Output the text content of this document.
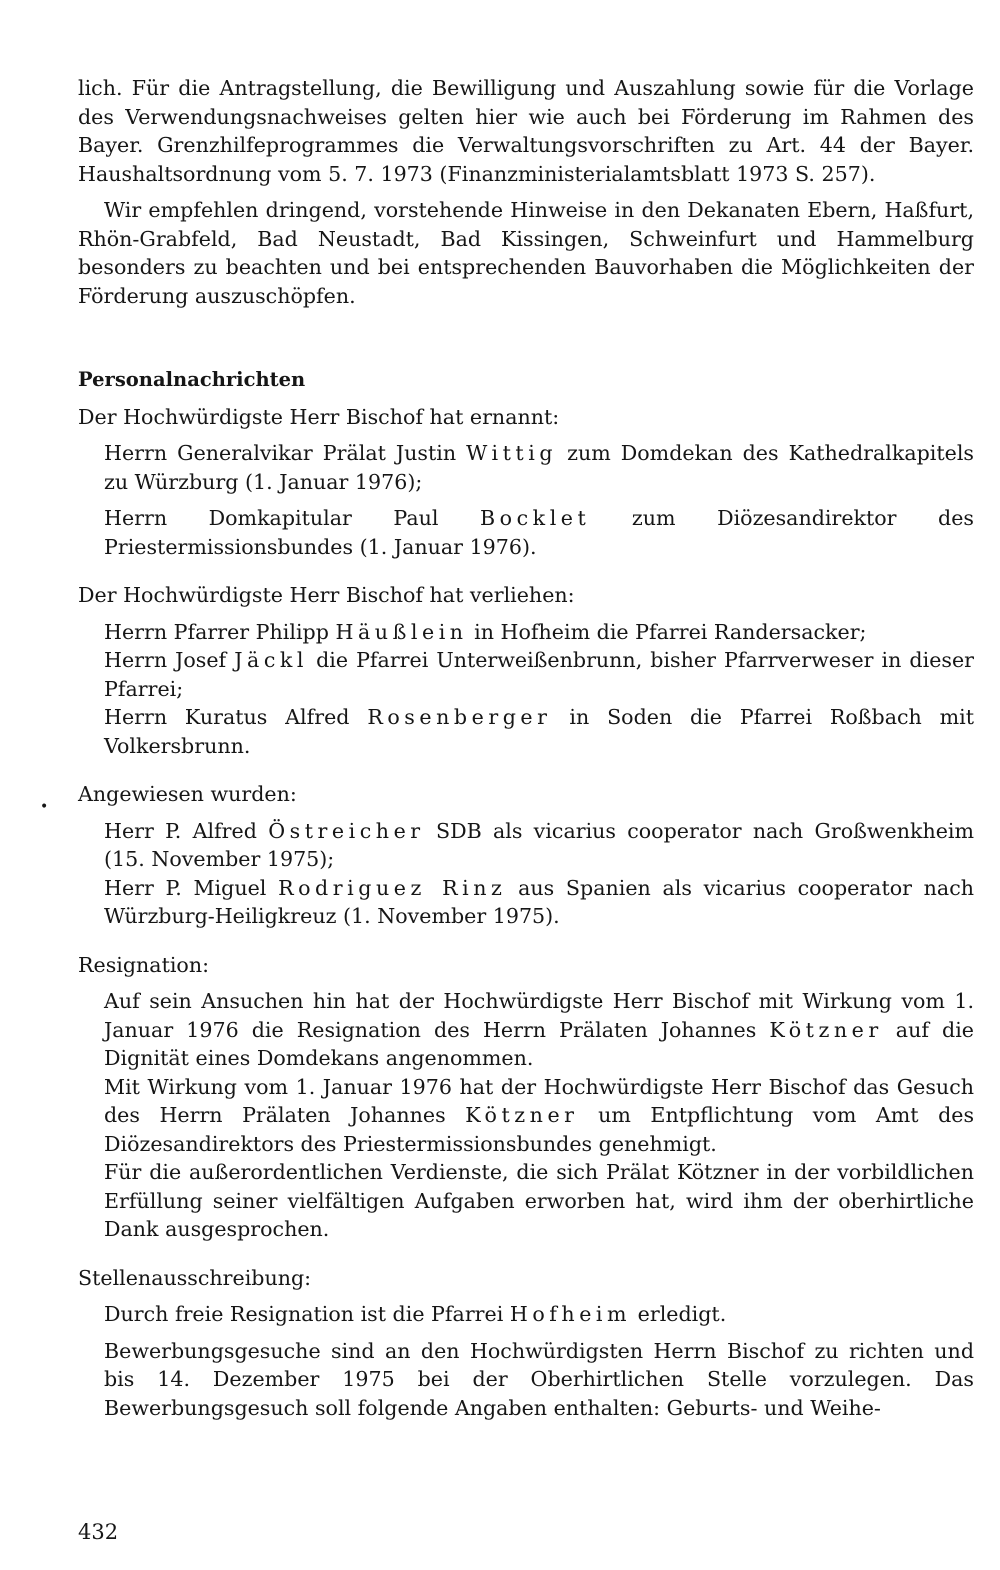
lich. Für die Antragstellung, die Bewilligung und Auszahlung sowie für die Vorlage des Verwendungsnachweises gelten hier wie auch bei Förderung im Rahmen des Bayer. Grenzhilfeprogrammes die Verwaltungsvorschriften zu Art. 44 der Bayer. Haushaltsordnung vom 5. 7. 1973 (Finanzministerialamtsblatt 1973 S. 257).

Wir empfehlen dringend, vorstehende Hinweise in den Dekanaten Ebern, Haßfurt, Rhön-Grabfeld, Bad Neustadt, Bad Kissingen, Schweinfurt und Hammelburg besonders zu beachten und bei entsprechenden Bauvorhaben die Möglichkeiten der Förderung auszuschöpfen.

Personalnachrichten

Der Hochwürdigste Herr Bischof hat ernannt:

Herrn Generalvikar Prälat Justin Wittig zum Domdekan des Kathedralkapitels zu Würzburg (1. Januar 1976);

Herrn Domkapitular Paul Bocklet zum Diözesandirektor des Priestermissionsbundes (1. Januar 1976).

Der Hochwürdigste Herr Bischof hat verliehen:

Herrn Pfarrer Philipp Häußlein in Hofheim die Pfarrei Randersacker;

Herrn Josef Jäckl die Pfarrei Unterweißenbrunn, bisher Pfarrverweser in dieser Pfarrei;

Herrn Kuratus Alfred Rosenberger in Soden die Pfarrei Roßbach mit Volkersbrunn.

Angewiesen wurden:

Herr P. Alfred Östreicher SDB als vicarius cooperator nach Großwenkheim (15. November 1975);

Herr P. Miguel Rodriguez Rinz aus Spanien als vicarius cooperator nach Würzburg-Heiligkreuz (1. November 1975).

Resignation:

Auf sein Ansuchen hin hat der Hochwürdigste Herr Bischof mit Wirkung vom 1. Januar 1976 die Resignation des Herrn Prälaten Johannes Kötzner auf die Dignität eines Domdekans angenommen.

Mit Wirkung vom 1. Januar 1976 hat der Hochwürdigste Herr Bischof das Gesuch des Herrn Prälaten Johannes Kötzner um Entpflichtung vom Amt des Diözesandirektors des Priestermissionsbundes genehmigt.

Für die außerordentlichen Verdienste, die sich Prälat Kötzner in der vorbildlichen Erfüllung seiner vielfältigen Aufgaben erworben hat, wird ihm der oberhirtliche Dank ausgesprochen.

Stellenausschreibung:

Durch freie Resignation ist die Pfarrei Hofheim erledigt.

Bewerbungsgesuche sind an den Hochwürdigsten Herrn Bischof zu richten und bis 14. Dezember 1975 bei der Oberhirtlichen Stelle vorzulegen. Das Bewerbungsgesuch soll folgende Angaben enthalten: Geburts- und Weihe-

•
432
